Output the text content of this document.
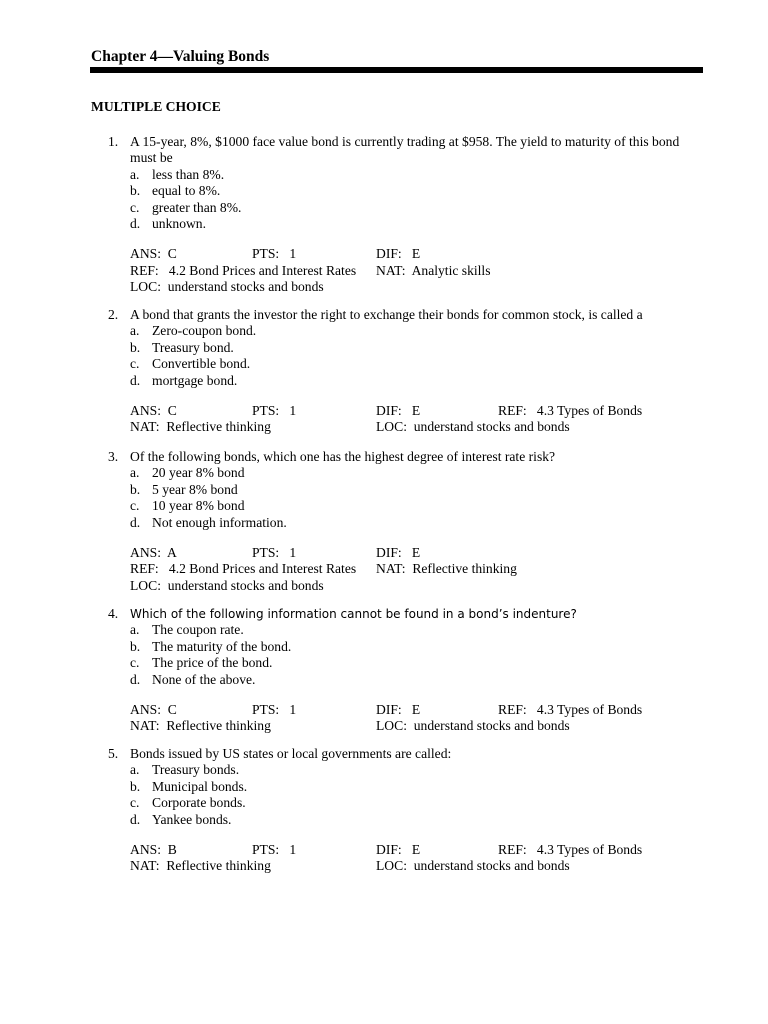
Chapter 4—Valuing Bonds
MULTIPLE CHOICE
1. A 15-year, 8%, $1000 face value bond is currently trading at $958. The yield to maturity of this bond must be
a. less than 8%.
b. equal to 8%.
c. greater than 8%.
d. unknown.
ANS:  C	PTS:   1	DIF:   E
REF:   4.2 Bond Prices and Interest Rates NAT:  Analytic skills
LOC:  understand stocks and bonds
2. A bond that grants the investor the right to exchange their bonds for common stock, is called a
a. Zero-coupon bond.
b. Treasury bond.
c. Convertible bond.
d. mortgage bond.
ANS:  C	PTS:   1	DIF:   E	REF:   4.3 Types of Bonds
NAT:  Reflective thinking	LOC:  understand stocks and bonds
3. Of the following bonds, which one has the highest degree of interest rate risk?
a. 20 year 8% bond
b. 5 year 8% bond
c. 10 year 8% bond
d. Not enough information.
ANS:  A	PTS:   1	DIF:   E
REF:   4.2 Bond Prices and Interest Rates NAT:  Reflective thinking
LOC:  understand stocks and bonds
4. Which of the following information cannot be found in a bond’s indenture?
a. The coupon rate.
b. The maturity of the bond.
c. The price of the bond.
d. None of the above.
ANS:  C	PTS:   1	DIF:   E	REF:   4.3 Types of Bonds
NAT:  Reflective thinking	LOC:  understand stocks and bonds
5. Bonds issued by US states or local governments are called:
a. Treasury bonds.
b. Municipal bonds.
c. Corporate bonds.
d. Yankee bonds.
ANS:  B	PTS:   1	DIF:   E	REF:   4.3 Types of Bonds
NAT:  Reflective thinking	LOC:  understand stocks and bonds
